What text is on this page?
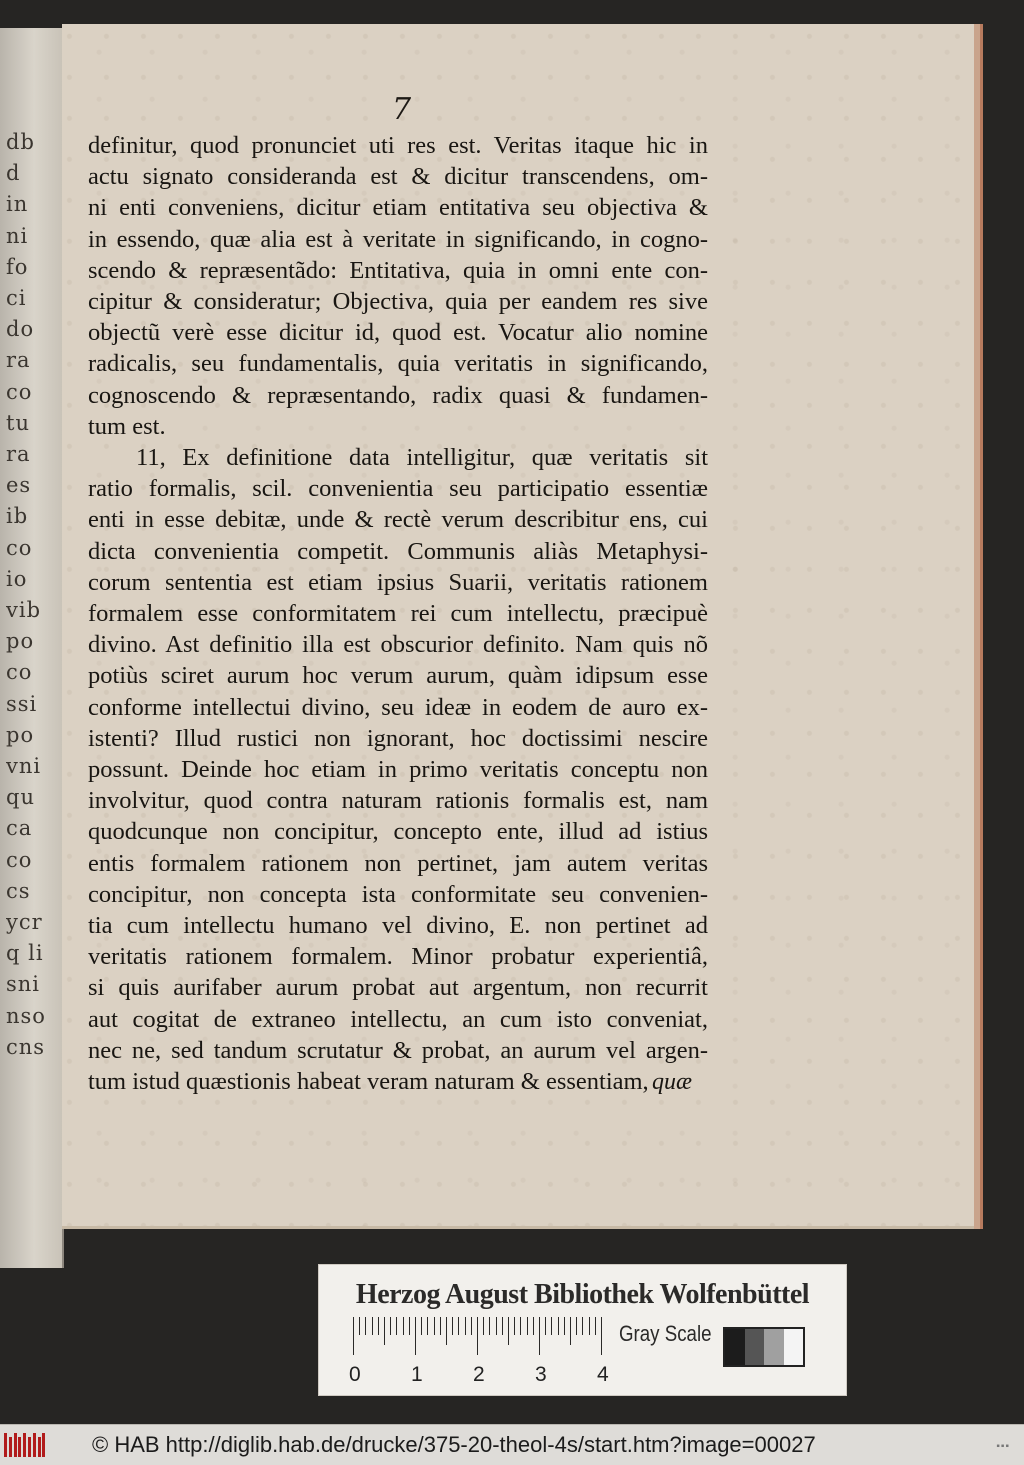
db
d
in
ni
fo
ci
do
ra
co
tu
ra
es
ib
co
io
vib
po
co
ssi
po
vni
qu
ca
co
cs
ycr
q li
sni
nso
cns
7
definitur, quod pronunciet uti res est. Veritas itaque hic in
actu signato consideranda est & dicitur transcendens, om-
ni enti conveniens, dicitur etiam entitativa seu objectiva &
in essendo, quæ alia est à veritate in significando, in cogno-
scendo & repræsentãdo: Entitativa, quia in omni ente con-
cipitur & consideratur; Objectiva, quia per eandem res sive
objectũ verè esse dicitur id, quod est. Vocatur alio nomine
radicalis, seu fundamentalis, quia veritatis in significando,
cognoscendo & repræsentando, radix quasi & fundamen-
tum est.
11, Ex definitione data intelligitur, quæ veritatis sit
ratio formalis, scil. convenientia seu participatio essentiæ
enti in esse debitæ, unde & rectè verum describitur ens, cui
dicta convenientia competit. Communis aliàs Metaphysi-
corum sententia est etiam ipsius Suarii, veritatis rationem
formalem esse conformitatem rei cum intellectu, præcipuè
divino. Ast definitio illa est obscurior definito. Nam quis nõ
potiùs sciret aurum hoc verum aurum, quàm idipsum esse
conforme intellectui divino, seu ideæ in eodem de auro ex-
istenti? Illud rustici non ignorant, hoc doctissimi nescire
possunt. Deinde hoc etiam in primo veritatis conceptu non
involvitur, quod contra naturam rationis formalis est, nam
quodcunque non concipitur, concepto ente, illud ad istius
entis formalem rationem non pertinet, jam autem veritas
concipitur, non concepta ista conformitate seu convenien-
tia cum intellectu humano vel divino, E. non pertinet ad
veritatis rationem formalem. Minor probatur experientiâ,
si quis aurifaber aurum probat aut argentum, non recurrit
aut cogitat de extraneo intellectu, an cum isto conveniat,
nec ne, sed tandum scrutatur & probat, an aurum vel argen-
tum istud quæstionis habeat veram naturam & essentiam, quæ
Herzog August Bibliothek Wolfenbüttel
0 1 2 3 4
Gray Scale
© HAB http://diglib.hab.de/drucke/375-20-theol-4s/start.htm?image=00027	▪▪▪
